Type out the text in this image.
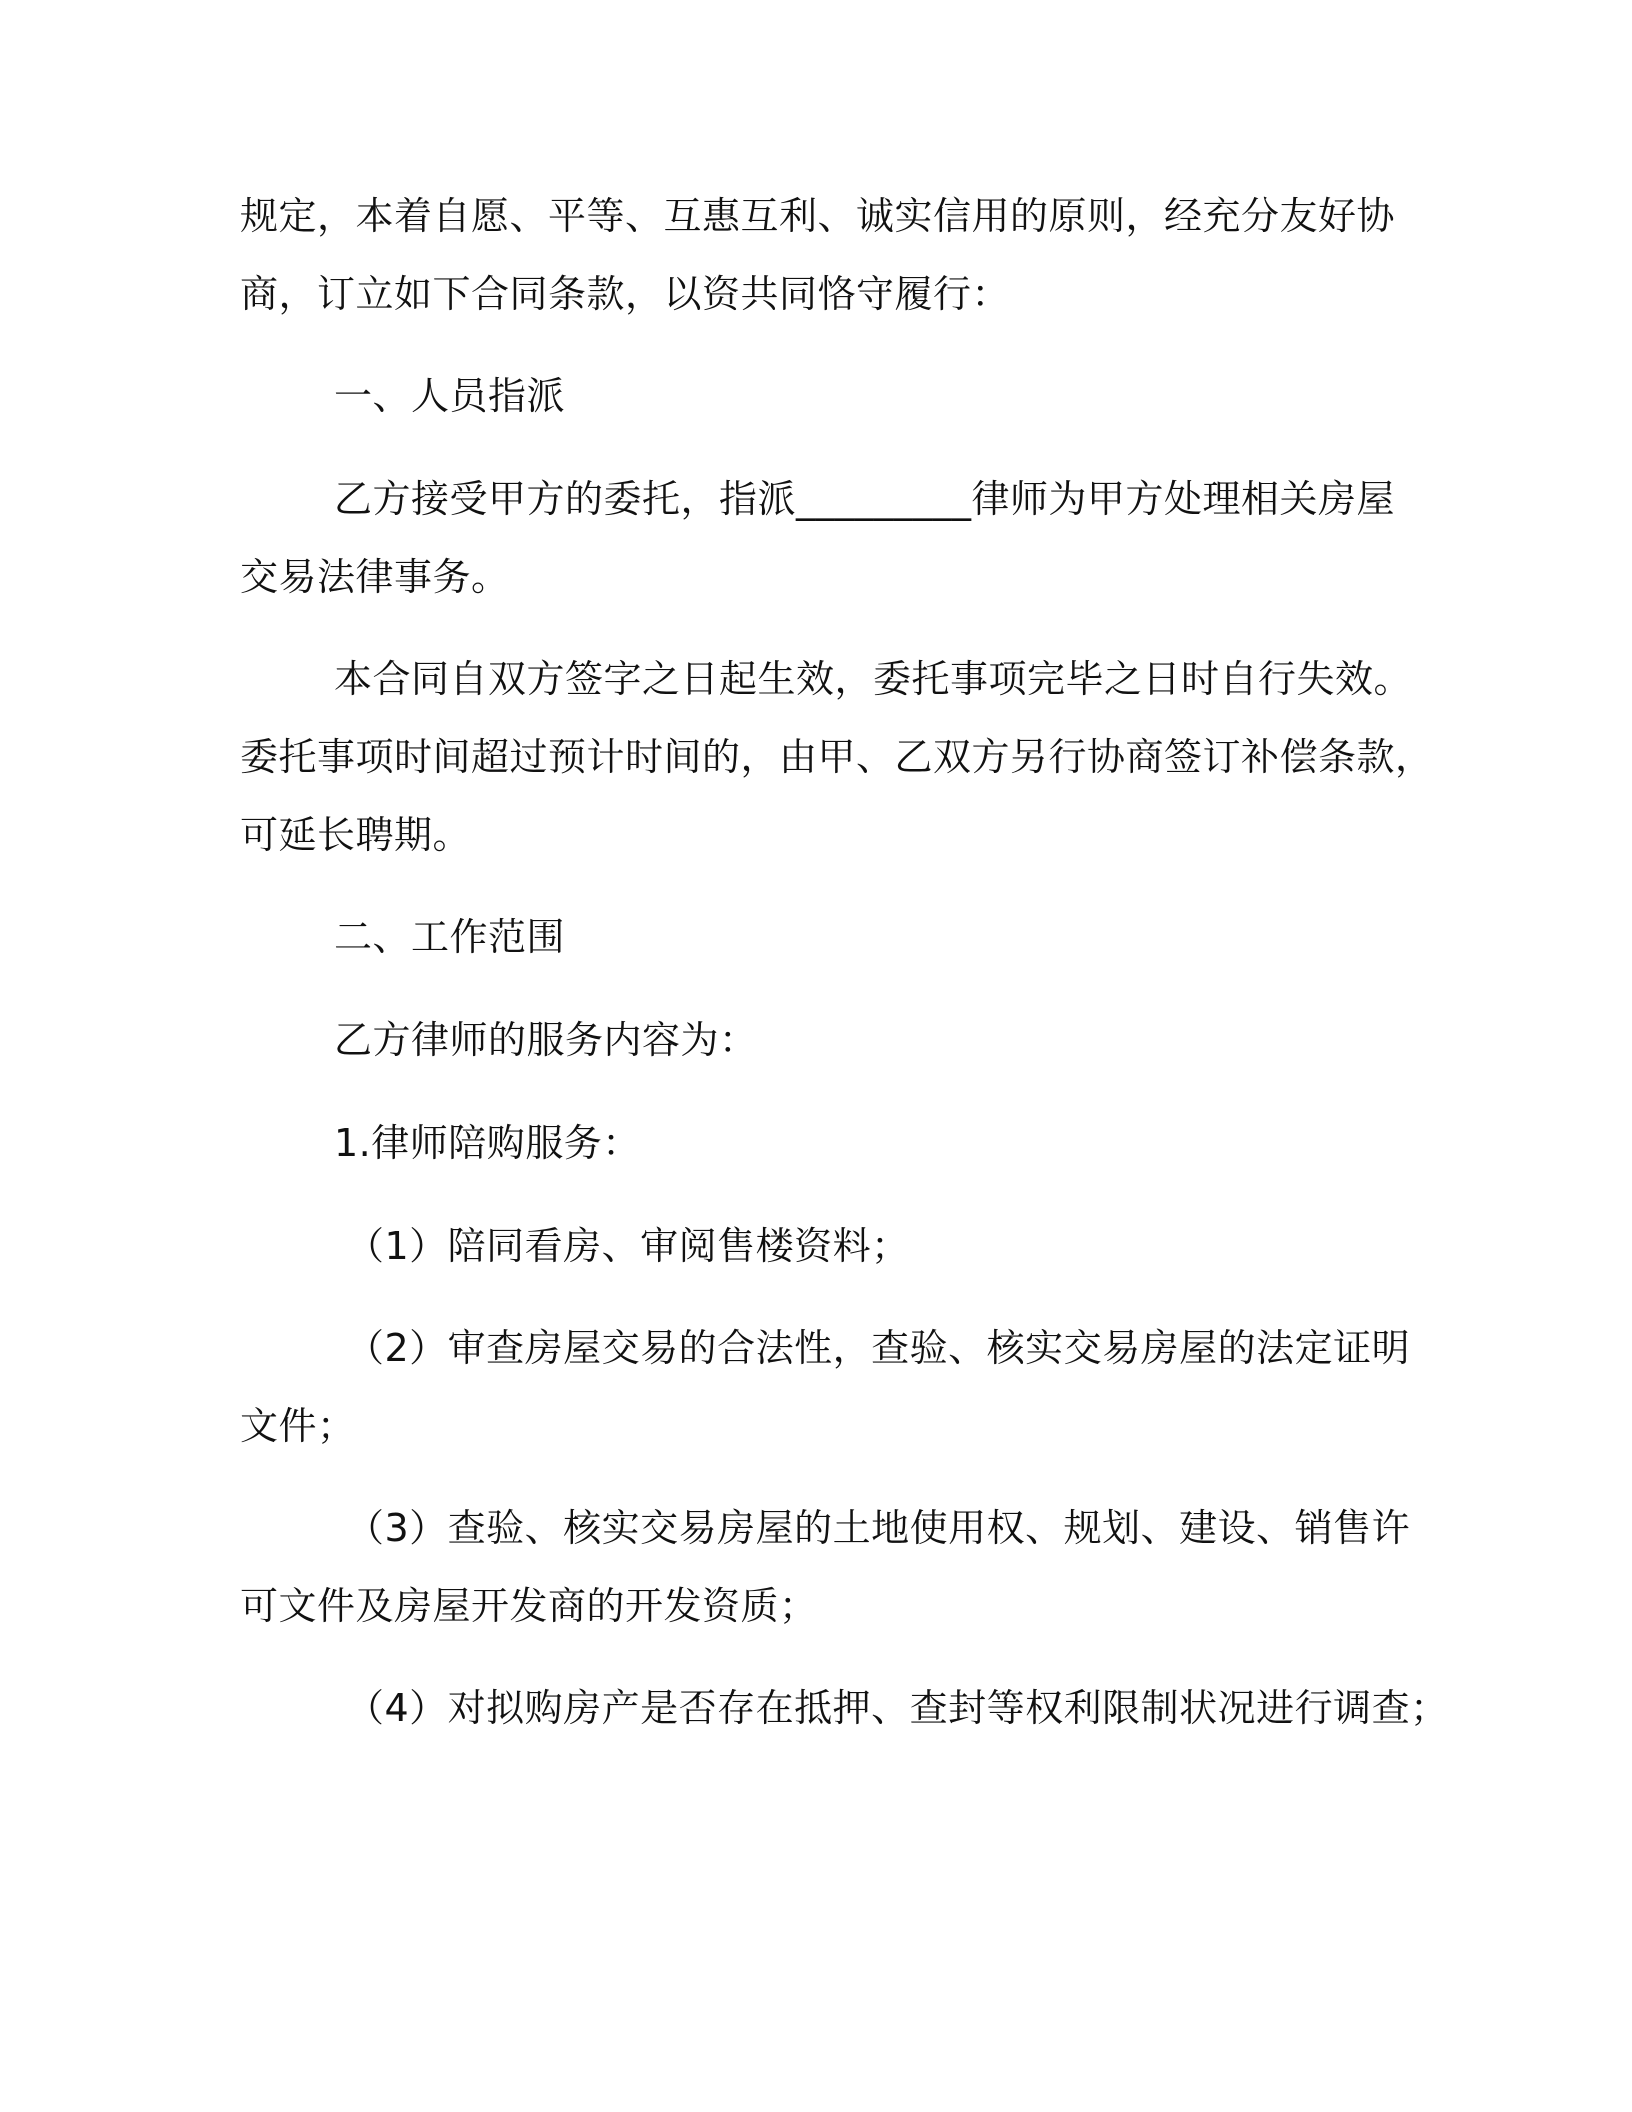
规定，本着自愿、平等、互惠互利、诚实信用的原则，经充分友好协

商，订立如下合同条款，以资共同恪守履行：

一、人员指派

乙方接受甲方的委托，指派_________律师为甲方处理相关房屋

交易法律事务。

本合同自双方签字之日起生效，委托事项完毕之日时自行失效。

委托事项时间超过预计时间的，由甲、乙双方另行协商签订补偿条款，

可延长聘期。

二、工作范围

乙方律师的服务内容为：

1.律师陪购服务：

（1）陪同看房、审阅售楼资料；

（2）审查房屋交易的合法性，查验、核实交易房屋的法定证明

文件；

（3）查验、核实交易房屋的土地使用权、规划、建设、销售许

可文件及房屋开发商的开发资质；

（4）对拟购房产是否存在抵押、查封等权利限制状况进行调查；
